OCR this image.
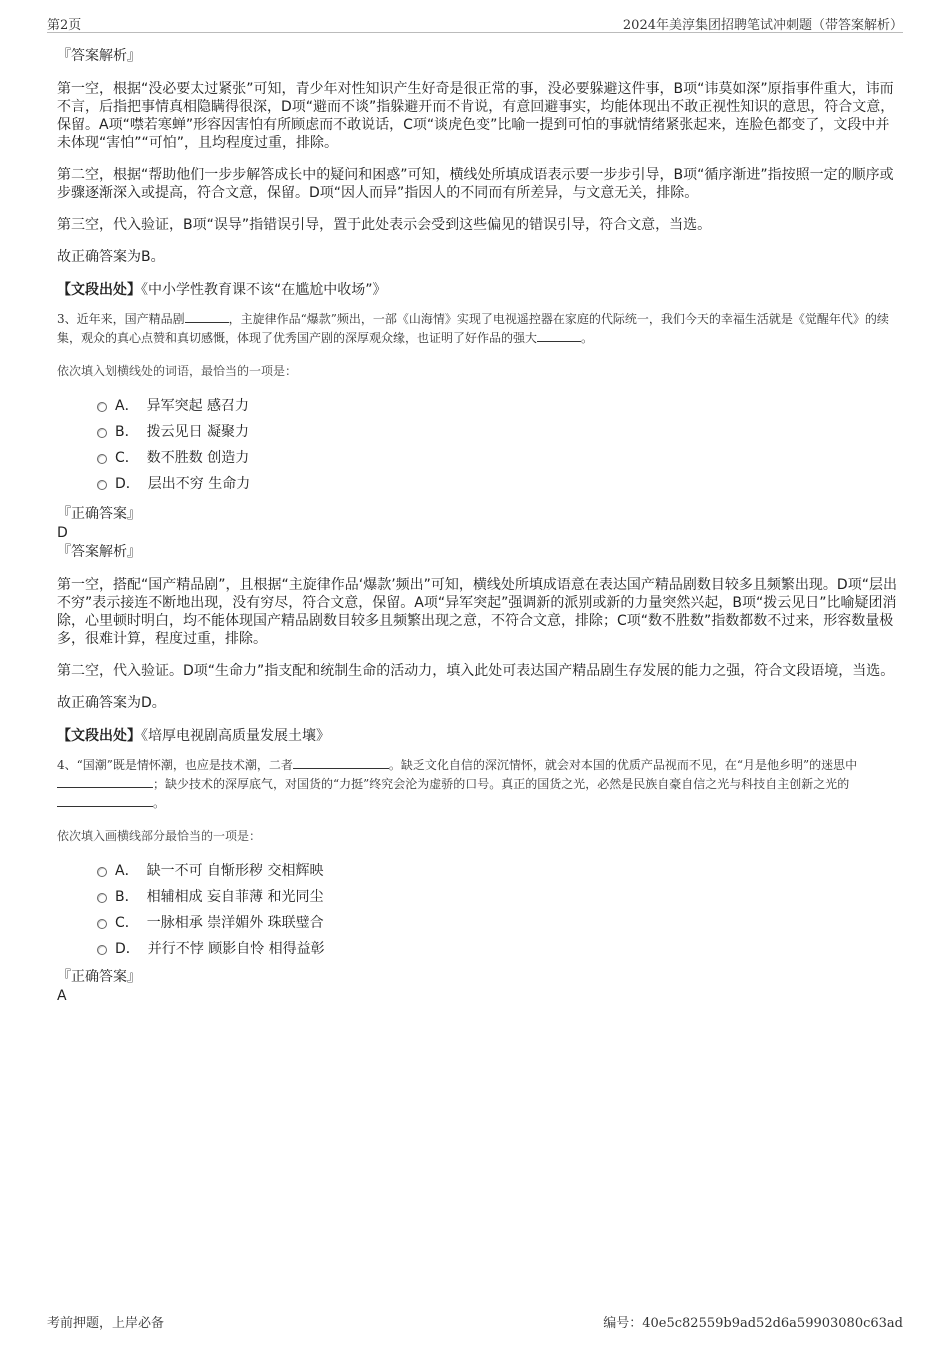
第2页	2024年美淳集团招聘笔试冲刺题（带答案解析）

『答案解析』

第一空，根据“没必要太过紧张”可知，青少年对性知识产生好奇是很正常的事，没必要躲避这件事，B项“讳莫如深”原指事件重大，讳而不言，后指把事情真相隐瞒得很深，D项“避而不谈”指躲避开而不肯说，有意回避事实，均能体现出不敢正视性知识的意思，符合文意，保留。A项“噤若寒蝉”形容因害怕有所顾虑而不敢说话，C项“谈虎色变”比喻一提到可怕的事就情绪紧张起来，连脸色都变了，文段中并未体现“害怕”“可怕”，且均程度过重，排除。

第二空，根据“帮助他们一步步解答成长中的疑问和困惑”可知，横线处所填成语表示要一步步引导，B项“循序渐进”指按照一定的顺序或步骤逐渐深入或提高，符合文意，保留。D项“因人而异”指因人的不同而有所差异，与文意无关，排除。

第三空，代入验证，B项“误导”指错误引导，置于此处表示会受到这些偏见的错误引导，符合文意，当选。

故正确答案为B。

【文段出处】《中小学性教育课不该“在尴尬中收场”》

3、近年来，国产精品剧	，主旋律作品“爆款”频出，一部《山海情》实现了电视遥控器在家庭的代际统一，我们今天的幸福生活就是《觉醒年代》的续集，观众的真心点赞和真切感慨，体现了优秀国产剧的深厚观众缘，也证明了好作品的强大	。

依次填入划横线处的词语，最恰当的一项是：

A． 异军突起 感召力
B． 拨云见日 凝聚力
C． 数不胜数 创造力
D． 层出不穷 生命力

『正确答案』

D

『答案解析』

第一空，搭配“国产精品剧”，且根据“主旋律作品‘爆款’频出”可知，横线处所填成语意在表达国产精品剧数目较多且频繁出现。D项“层出不穷”表示接连不断地出现，没有穷尽，符合文意，保留。A项“异军突起”强调新的派别或新的力量突然兴起，B项“拨云见日”比喻疑团消除，心里顿时明白，均不能体现国产精品剧数目较多且频繁出现之意，不符合文意，排除；C项“数不胜数”指数都数不过来，形容数量极多，很难计算，程度过重，排除。

第二空，代入验证。D项“生命力”指支配和统制生命的活动力，填入此处可表达国产精品剧生存发展的能力之强，符合文段语境，当选。

故正确答案为D。

【文段出处】《培厚电视剧高质量发展土壤》

4、“国潮”既是情怀潮，也应是技术潮，二者	。缺乏文化自信的深沉情怀，就会对本国的优质产品视而不见，在“月是他乡明”的迷思中；缺少技术的深厚底气，对国货的“力挺”终究会沦为虚骄的口号。真正的国货之光，必然是民族自豪自信之光与科技自主创新之光的。

依次填入画横线部分最恰当的一项是：

A． 缺一不可 自惭形秽 交相辉映
B． 相辅相成 妄自菲薄 和光同尘
C． 一脉相承 崇洋媚外 珠联璧合
D． 并行不悖 顾影自怜 相得益彰

『正确答案』

A

考前押题，上岸必备	编号：40e5c82559b9ad52d6a59903080c63ad
